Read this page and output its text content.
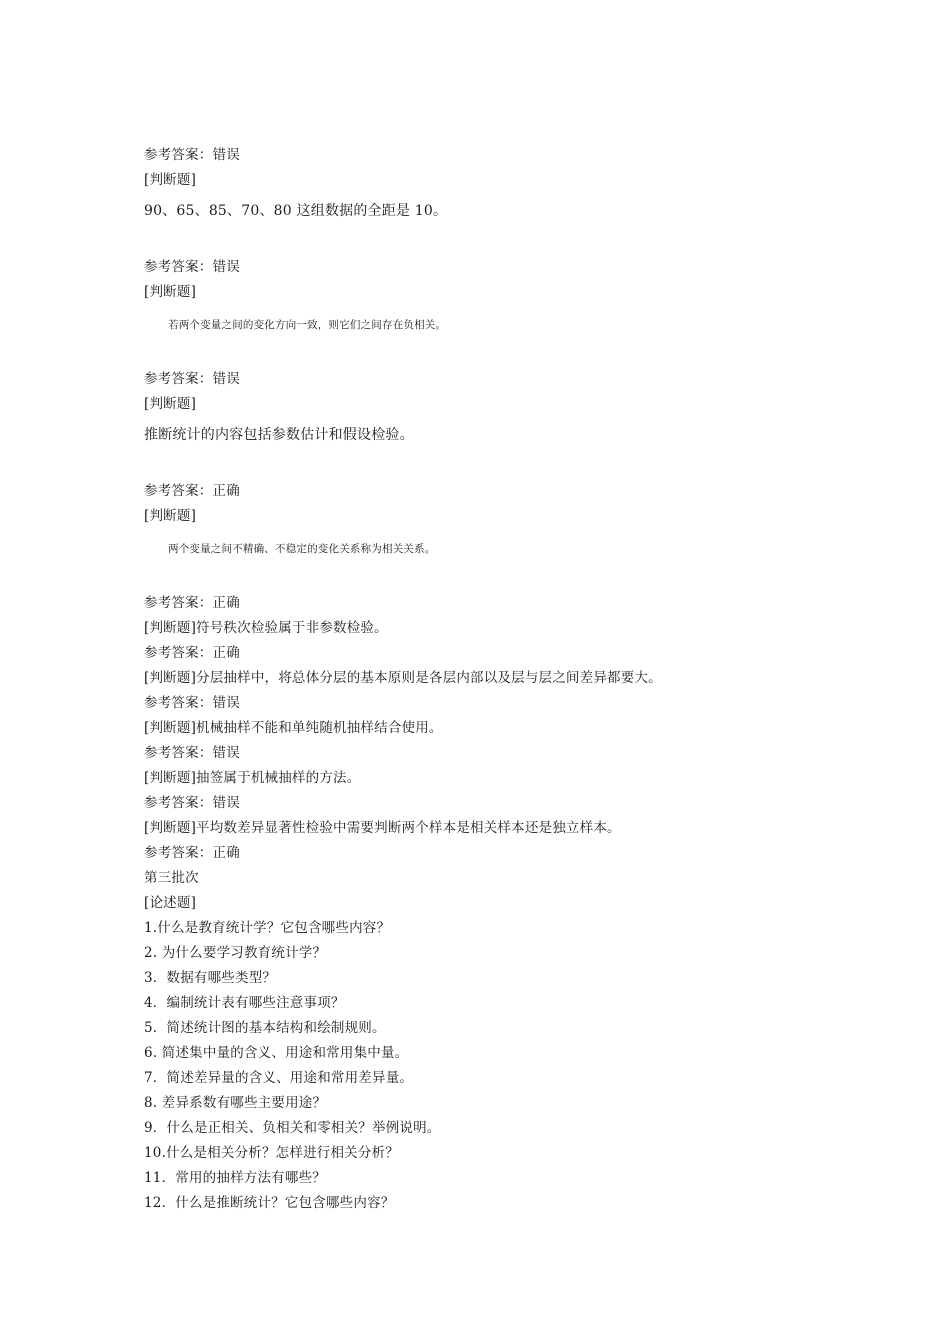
参考答案：错误
[判断题]
90、65、85、70、80 这组数据的全距是 10。
参考答案：错误
[判断题]
若两个变量之间的变化方向一致，则它们之间存在负相关。
参考答案：错误
[判断题]
推断统计的内容包括参数估计和假设检验。
参考答案：正确
[判断题]
两个变量之间不精确、不稳定的变化关系称为相关关系。
参考答案：正确
[判断题]符号秩次检验属于非参数检验。
参考答案：正确
[判断题]分层抽样中，将总体分层的基本原则是各层内部以及层与层之间差异都要大。
参考答案：错误
[判断题]机械抽样不能和单纯随机抽样结合使用。
参考答案：错误
[判断题]抽签属于机械抽样的方法。
参考答案：错误
[判断题]平均数差异显著性检验中需要判断两个样本是相关样本还是独立样本。
参考答案：正确
第三批次
[论述题]
1.什么是教育统计学？它包含哪些内容？
2. 为什么要学习教育统计学？
3．数据有哪些类型？
4．编制统计表有哪些注意事项？
5．简述统计图的基本结构和绘制规则。
6. 简述集中量的含义、用途和常用集中量。
7．简述差异量的含义、用途和常用差异量。
8. 差异系数有哪些主要用途？
9．什么是正相关、负相关和零相关？举例说明。
10.什么是相关分析？怎样进行相关分析？
11．常用的抽样方法有哪些？
12．什么是推断统计？它包含哪些内容？
